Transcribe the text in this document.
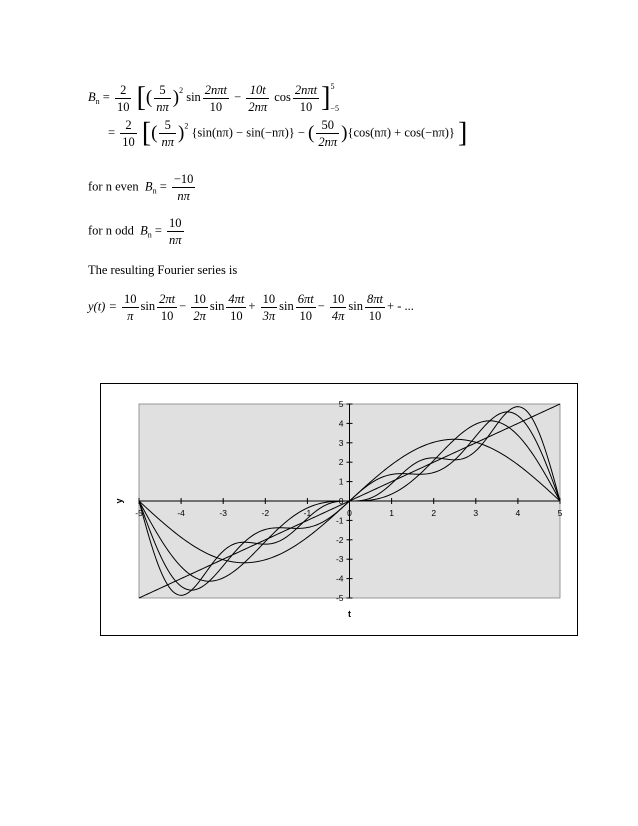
$B_n = \frac{2}{10}$ [( $\frac{5}{n\pi} )^2$ $\sin \frac{\text{2nπt}}{10} - \frac{10t}{2n\pi}$ $\cos \frac{\text{2nπt}}{10}$ ] 5
−5
= $\frac{2}{10}$ [( $\frac{5}{n\pi} )^2$ {sin(nπ) − sin(−nπ)} − ( $\frac{50}{2n\pi} )\{\cos(n\pi) + \cos(-n\pi)\}$ ]
for n even $B_n = \frac{-10}{n\pi}$
for n odd $B_n = \frac{10}{n\pi}$
The resulting Fourier series is
$y(t) = \frac{10}{\pi}$ $\sin \frac{2\pi t}{10} - \frac{10}{2\pi}$ $\sin \frac{4\pi t}{10} + \frac{10}{3\pi}$ $\sin \frac{6\pi t}{10} - \frac{10}{4\pi}$ $\sin \frac{8\pi t}{10}$ + - ...
-5	-4	-3	-2	-1	0	1	2	3	4	5
-5
-4
-3
-2
-1
1
2
3
4
5
0
t
y
